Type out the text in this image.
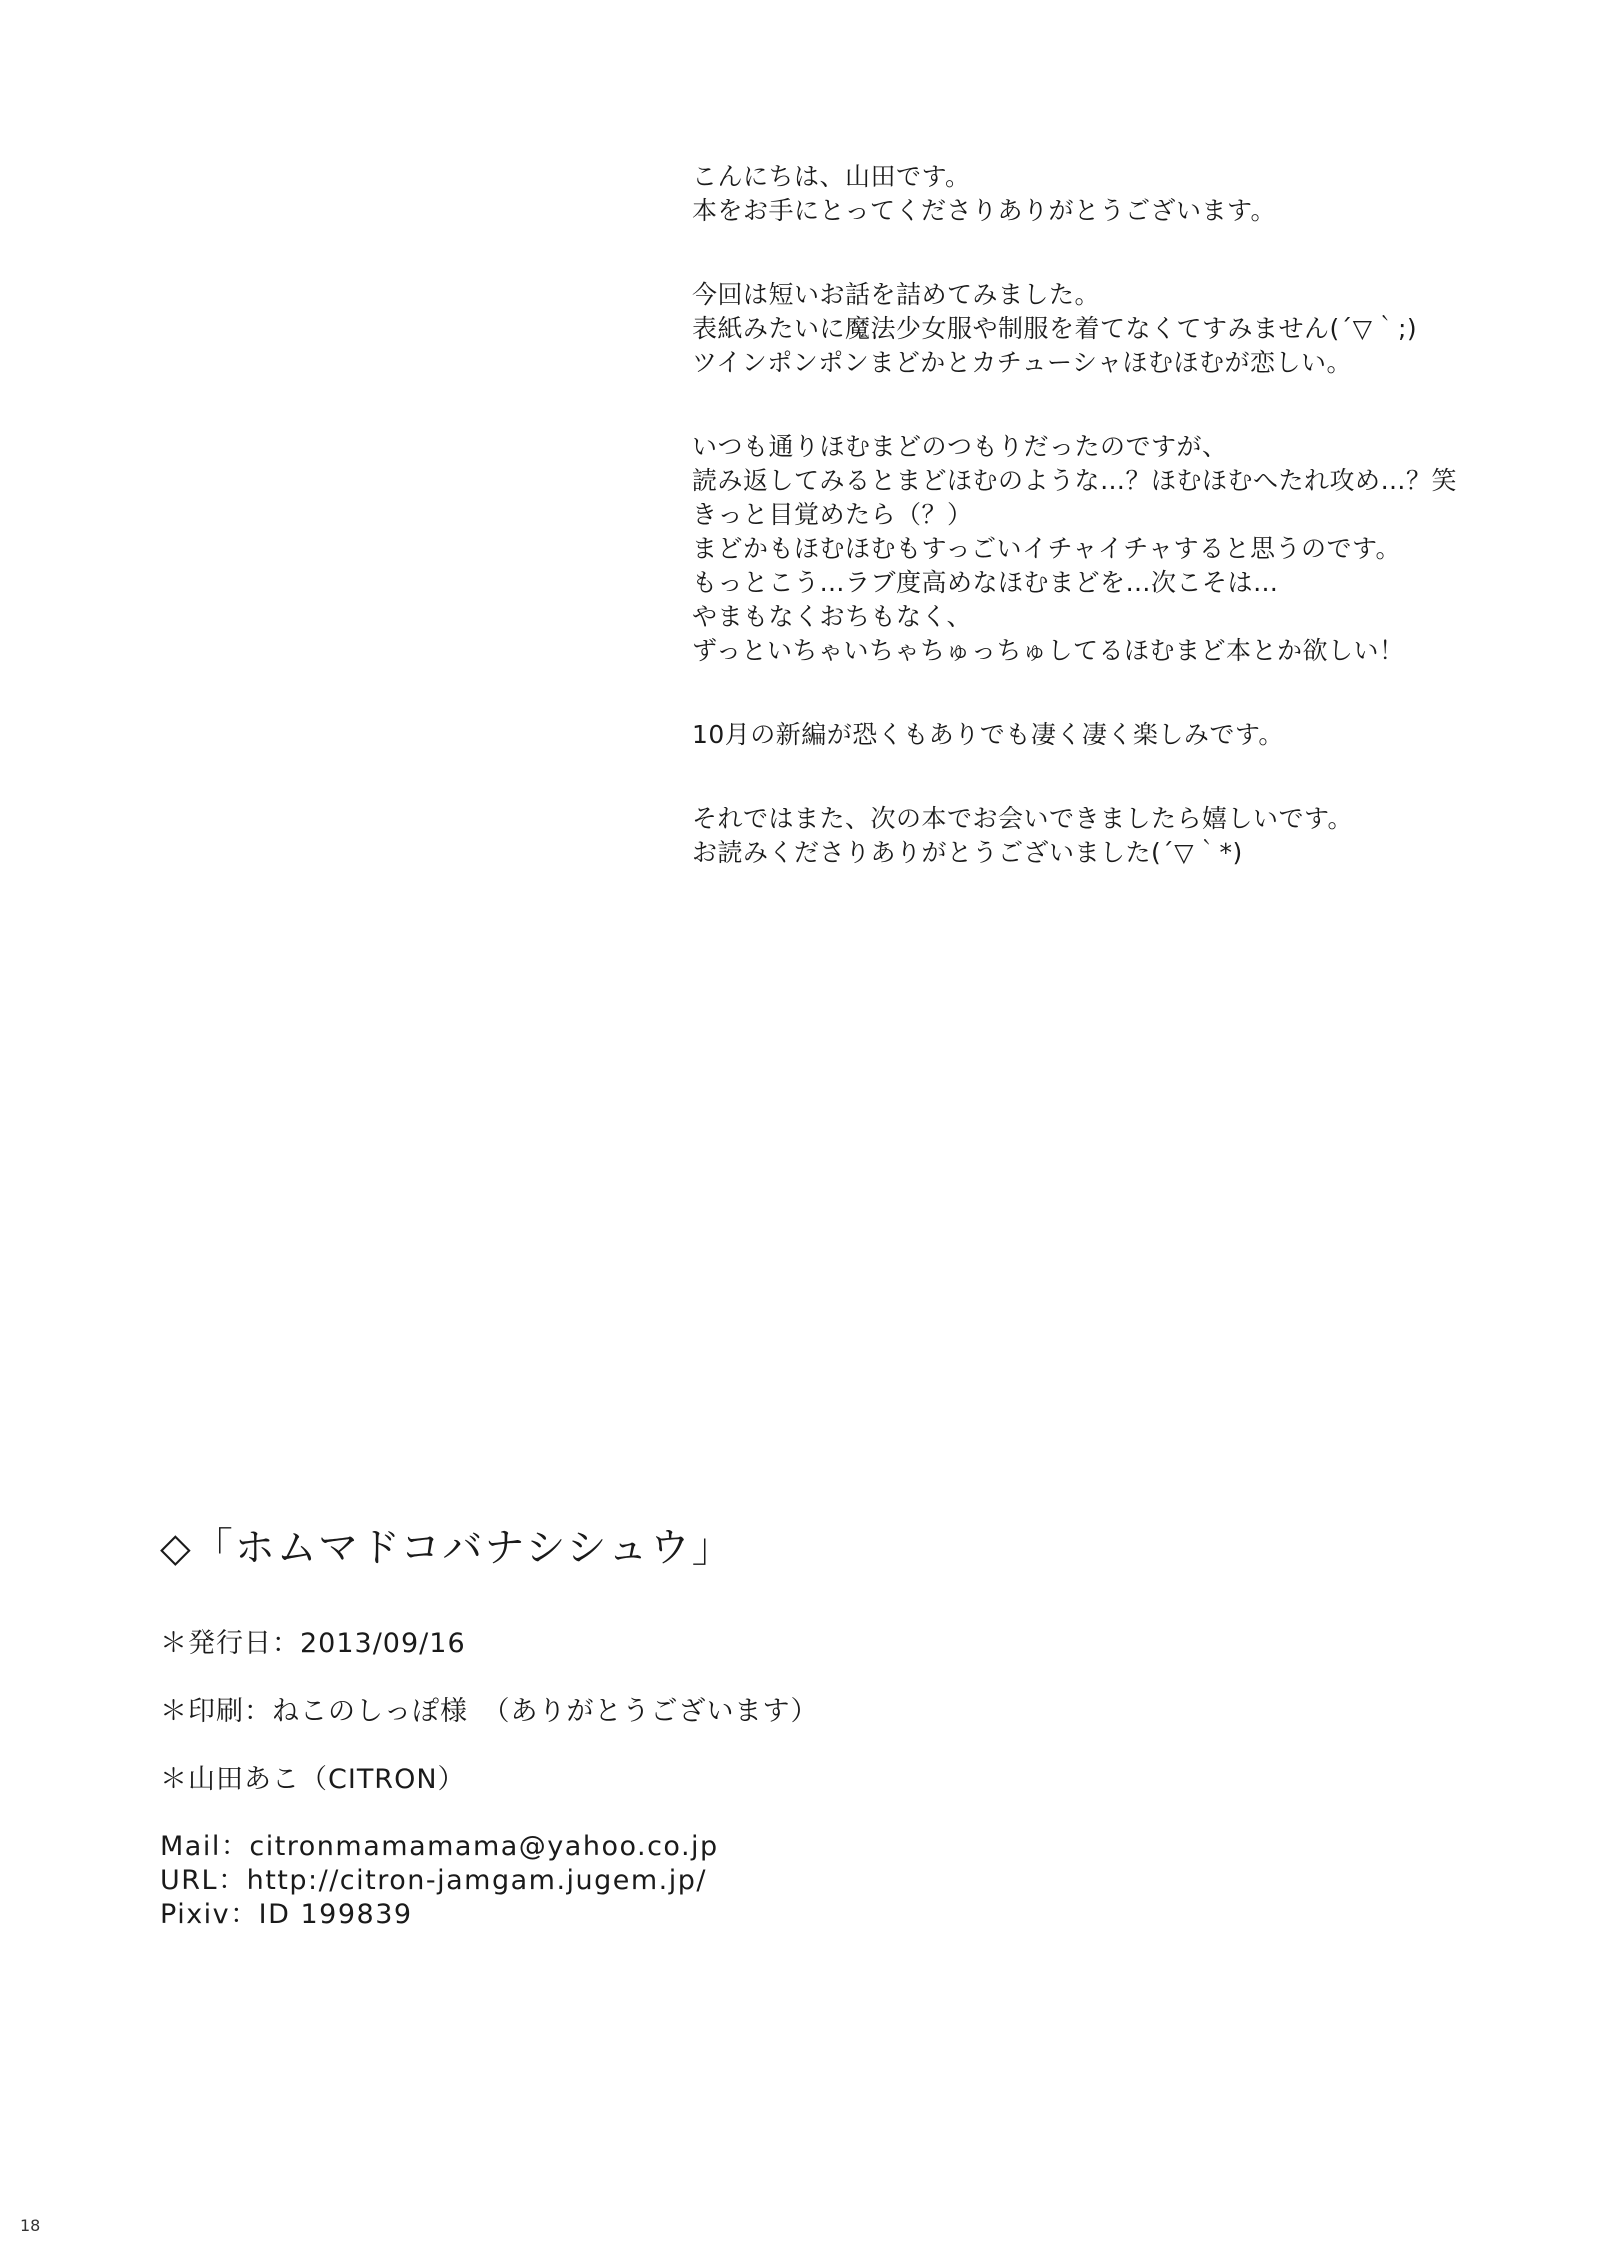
こんにちは、山田です。
本をお手にとってくださりありがとうございます。
今回は短いお話を詰めてみました。
表紙みたいに魔法少女服や制服を着てなくてすみません(´▽｀;)
ツインポンポンまどかとカチューシャほむほむが恋しい。
いつも通りほむまどのつもりだったのですが、
読み返してみるとまどほむのような…？ほむほむへたれ攻め…？笑
きっと目覚めたら（？）
まどかもほむほむもすっごいイチャイチャすると思うのです。
もっとこう…ラブ度高めなほむまどを…次こそは…
やまもなくおちもなく、
ずっといちゃいちゃちゅっちゅしてるほむまど本とか欲しい！
10月の新編が恐くもありでも凄く凄く楽しみです。
それではまた、次の本でお会いできましたら嬉しいです。
お読みくださりありがとうございました(´▽｀*)
◇「ホムマドコバナシシュウ」
＊発行日：2013/09/16
＊印刷：ねこのしっぽ様　（ありがとうございます）
＊山田あこ（CITRON）
Mail： citronmamamama@yahoo.co.jp
URL： http://citron-jamgam.jugem.jp/
Pixiv： ID 199839
18
